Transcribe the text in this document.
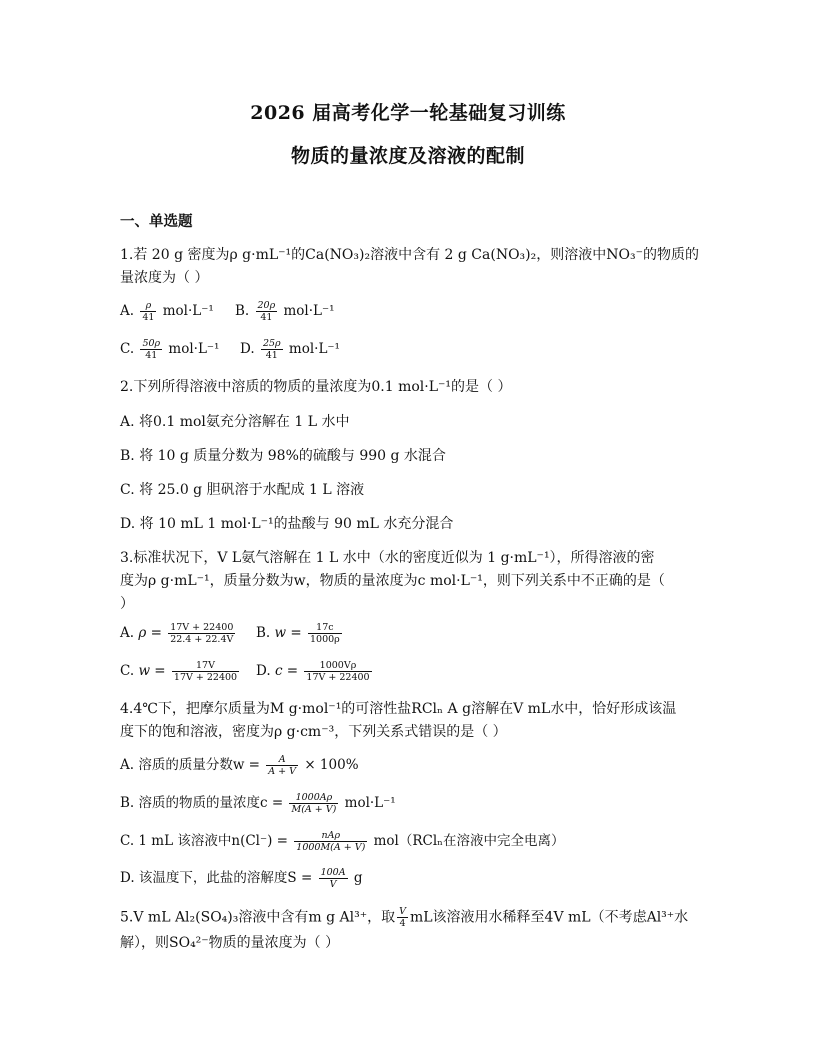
2026 届高考化学一轮基础复习训练
物质的量浓度及溶液的配制
一、单选题
1.若 20 g 密度为ρ g·mL⁻¹的Ca(NO₃)₂溶液中含有 2 g Ca(NO₃)₂，则溶液中NO₃⁻的物质的
量浓度为（ ）
A. $\frac{\rho}{41} mol\cdot L^{-1}$ B. $\frac{20\rho}{41} mol\cdot L^{-1}$
C. $\frac{50\rho}{41} mol\cdot L^{-1}$ D. $\frac{25\rho}{41} mol\cdot L^{-1}$
2.下列所得溶液中溶质的物质的量浓度为0.1 mol·L⁻¹的是（ ）
A. 将0.1 mol氨充分溶解在 1 L 水中
B. 将 10 g 质量分数为 98%的硫酸与 990 g 水混合
C. 将 25.0 g 胆矾溶于水配成 1 L 溶液
D. 将 10 mL 1 mol·L⁻¹的盐酸与 90 mL 水充分混合
3.标准状况下，V L氨气溶解在 1 L 水中（水的密度近似为 1 g·mL⁻¹），所得溶液的密
度为ρ g·mL⁻¹，质量分数为w，物质的量浓度为c mol·L⁻¹，则下列关系中不正确的是（
）
A. $\rho = \frac{17V + 22400}{22.4 + 22.4V} B$. $w = \frac{17c}{1000\rho}$
C. $w = \frac{17V}{17V + 22400} D$. $c = \frac{1000V\rho}{17V + 22400}$
4.4℃下，把摩尔质量为M g·mol⁻¹的可溶性盐RClₙ A g溶解在V mL水中，恰好形成该温
度下的饱和溶液，密度为ρ g·cm⁻³，下列关系式错误的是（ ）
A. 溶质的质量分数$w = \frac{A}{A + V} \times 100\%$
B. 溶质的物质的量浓度$c = \frac{1000A\rho}{M(A + V)} mol\cdot L^{-1}$
C. 1 mL 该溶液中$n(Cl^-) = \frac{\text{nAρ}}{1000M(A + V)} mol(RCl_n$在溶液中完全电离）
D. 该温度下，此盐的溶解度$S = \frac{100A}{V}$ g
5.V mL Al₂(SO₄)₃溶液中含有m g Al³⁺，取 $\frac{V}{4}$ mL该溶液用水稀释至4V mL（不考虑Al³⁺水
解），则SO₄²⁻物质的量浓度为（ ）
